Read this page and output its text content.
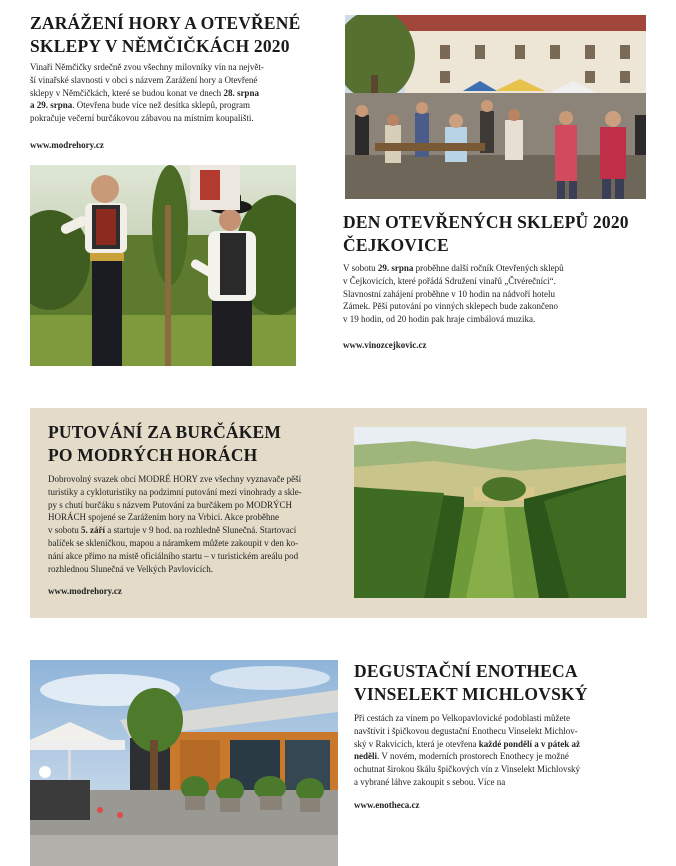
ZARÁŽENÍ HORY A OTEVŘENÉ
SKLEPY V NĚMČIČKÁCH 2020

Vinaři Němčičky srdečně zvou všechny milovníky vín na největ-
ší vinařské slavnosti v obci s názvem Zarážení hory a Otevřené
sklepy v Němčičkách, které se budou konat ve dnech 28. srpna
a 29. srpna. Otevřena bude více než desítka sklepů, program
pokračuje večerní burčákovou zábavou na místním koupališti.

www.modrehory.cz
DEN OTEVŘENÝCH SKLEPŮ 2020
ČEJKOVICE

V sobotu 29. srpna proběhne další ročník Otevřených sklepů
v Čejkovicích, které pořádá Sdružení vinařů „Čtvérečníci“.
Slavnostní zahájení proběhne v 10 hodin na nádvoří hotelu
Zámek. Pěší putování po vinných sklepech bude zakončeno
v 19 hodin, od 20 hodin pak hraje cimbálová muzika.

www.vinozcejkovic.cz
PUTOVÁNÍ ZA BURČÁKEM
PO MODRÝCH HORÁCH

Dobrovolný svazek obcí MODRÉ HORY zve všechny vyznavače pěší
turistiky a cykloturistiky na podzimní putování mezi vinohrady a skle-
py s chutí burčáku s názvem Putování za burčákem po MODRÝCH
HORÁCH spojené se Zarážením hory na Vrbici. Akce proběhne
v sobotu 5. září a startuje v 9 hod. na rozhledně Slunečná. Startovací
balíček se skleničkou, mapou a náramkem můžete zakoupit v den ko-
nání akce přímo na místě oficiálního startu – v turistickém areálu pod
rozhlednou Slunečná ve Velkých Pavlovicích.

www.modrehory.cz
DEGUSTAČNÍ ENOTHECA
VINSELEKT MICHLOVSKÝ

Při cestách za vínem po Velkopavlovické podoblasti můžete
navštívit i špičkovou degustační Enothecu Vinselekt Michlov-
ský v Rakvicích, která je otevřena každé pondělí a v pátek až
neděli. V novém, moderních prostorech Enothecy je možné
ochutnat širokou škálu špičkových vín z Vinselekt Michlovský
a vybrané láhve zakoupit s sebou. Více na

www.enotheca.cz
